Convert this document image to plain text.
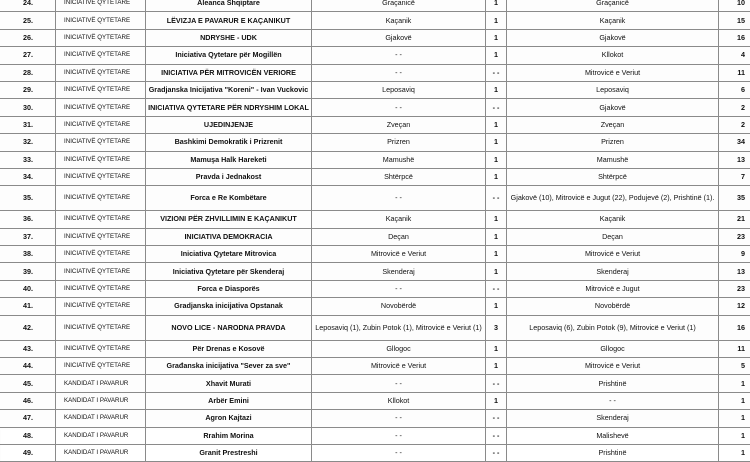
24.	INICIATIVË QYTETARE	Aleanca Shqiptare	Graçanicë	1	Graçanicë	10
25.	INICIATIVË QYTETARE	LËVIZJA E PAVARUR E KAÇANIKUT	Kaçanik	1	Kaçanik	15
26.	INICIATIVË QYTETARE	NDRYSHE - UDK	Gjakovë	1	Gjakovë	16
27.	INICIATIVË QYTETARE	Iniciativa Qytetare për Mogillën	- -	1	Kllokot	4
28.	INICIATIVË QYTETARE	INICIATIVA PËR MITROVICËN VERIORE	- -	- -	Mitrovicë e Veriut	11
29.	INICIATIVË QYTETARE	Gradjanska Inicijativa "Koreni" - Ivan Vuckovic	Leposaviq	1	Leposaviq	6
30.	INICIATIVË QYTETARE	INICIATIVA QYTETARE PËR NDRYSHIM LOKAL	- -	- -	Gjakovë	2
31.	INICIATIVË QYTETARE	UJEDINJENJE	Zveçan	1	Zveçan	2
32.	INICIATIVË QYTETARE	Bashkimi Demokratik i Prizrenit	Prizren	1	Prizren	34
33.	INICIATIVË QYTETARE	Mamuşa Halk Hareketi	Mamushë	1	Mamushë	13
34.	INICIATIVË QYTETARE	Pravda i Jednakost	Shtërpcë	1	Shtërpcë	7
35.	INICIATIVË QYTETARE	Forca e Re Kombëtare	- -	- -	Gjakovë (10), Mitrovicë e Jugut (22), Podujevë (2), Prishtinë (1).	35
36.	INICIATIVË QYTETARE	VIZIONI PËR ZHVILLIMIN E KAÇANIKUT	Kaçanik	1	Kaçanik	21
37.	INICIATIVË QYTETARE	INICIATIVA DEMOKRACIA	Deçan	1	Deçan	23
38.	INICIATIVË QYTETARE	Iniciativa Qytetare Mitrovica	Mitrovicë e Veriut	1	Mitrovicë e Veriut	9
39.	INICIATIVË QYTETARE	Iniciativa Qytetare për Skenderaj	Skenderaj	1	Skenderaj	13
40.	INICIATIVË QYTETARE	Forca e Diasporës	- -	- -	Mitrovicë e Jugut	23
41.	INICIATIVË QYTETARE	Gradjanska inicijativa Opstanak	Novobërdë	1	Novobërdë	12
42.	INICIATIVË QYTETARE	NOVO LICE - NARODNA PRAVDA	Leposaviq (1), Zubin Potok (1), Mitrovicë e Veriut (1)	3	Leposaviq (6), Zubin Potok (9), Mitrovicë e Veriut (1)	16
43.	INICIATIVË QYTETARE	Për Drenas e Kosovë	Gllogoc	1	Gllogoc	11
44.	INICIATIVË QYTETARE	Građanska inicijativa "Sever za sve"	Mitrovicë e Veriut	1	Mitrovicë e Veriut	5
45.	KANDIDAT I PAVARUR	Xhavit Murati	- -	- -	Prishtinë	1
46.	KANDIDAT I PAVARUR	Arbër Emini	Kllokot	1	- -	1
47.	KANDIDAT I PAVARUR	Agron Kajtazi	- -	- -	Skenderaj	1
48.	KANDIDAT I PAVARUR	Rrahim Morina	- -	- -	Malishevë	1
49.	KANDIDAT I PAVARUR	Granit Prestreshi	- -	- -	Prishtinë	1
